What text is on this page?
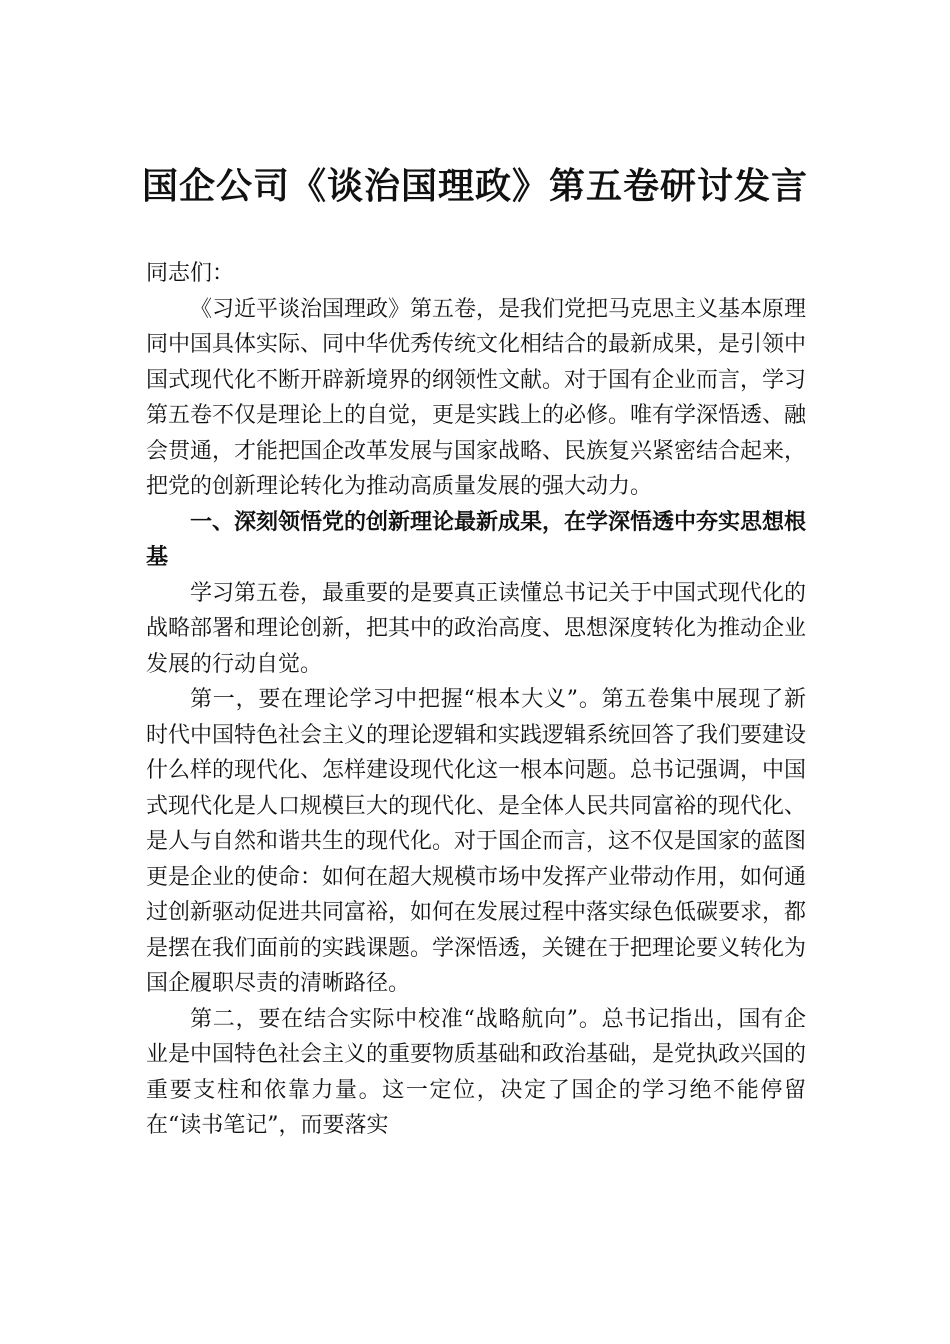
国企公司《谈治国理政》第五卷研讨发言

同志们：

《习近平谈治国理政》第五卷，是我们党把马克思主义基本原理同中国具体实际、同中华优秀传统文化相结合的最新成果，是引领中国式现代化不断开辟新境界的纲领性文献。对于国有企业而言，学习第五卷不仅是理论上的自觉，更是实践上的必修。唯有学深悟透、融会贯通，才能把国企改革发展与国家战略、民族复兴紧密结合起来，把党的创新理论转化为推动高质量发展的强大动力。

一、深刻领悟党的创新理论最新成果，在学深悟透中夯实思想根基

学习第五卷，最重要的是要真正读懂总书记关于中国式现代化的战略部署和理论创新，把其中的政治高度、思想深度转化为推动企业发展的行动自觉。

第一，要在理论学习中把握“根本大义”。第五卷集中展现了新时代中国特色社会主义的理论逻辑和实践逻辑系统回答了我们要建设什么样的现代化、怎样建设现代化这一根本问题。总书记强调，中国式现代化是人口规模巨大的现代化、是全体人民共同富裕的现代化、是人与自然和谐共生的现代化。对于国企而言，这不仅是国家的蓝图更是企业的使命：如何在超大规模市场中发挥产业带动作用，如何通过创新驱动促进共同富裕，如何在发展过程中落实绿色低碳要求，都是摆在我们面前的实践课题。学深悟透，关键在于把理论要义转化为国企履职尽责的清晰路径。

第二，要在结合实际中校准“战略航向”。总书记指出，国有企业是中国特色社会主义的重要物质基础和政治基础，是党执政兴国的重要支柱和依靠力量。这一定位，决定了国企的学习绝不能停留在“读书笔记”，而要落实
